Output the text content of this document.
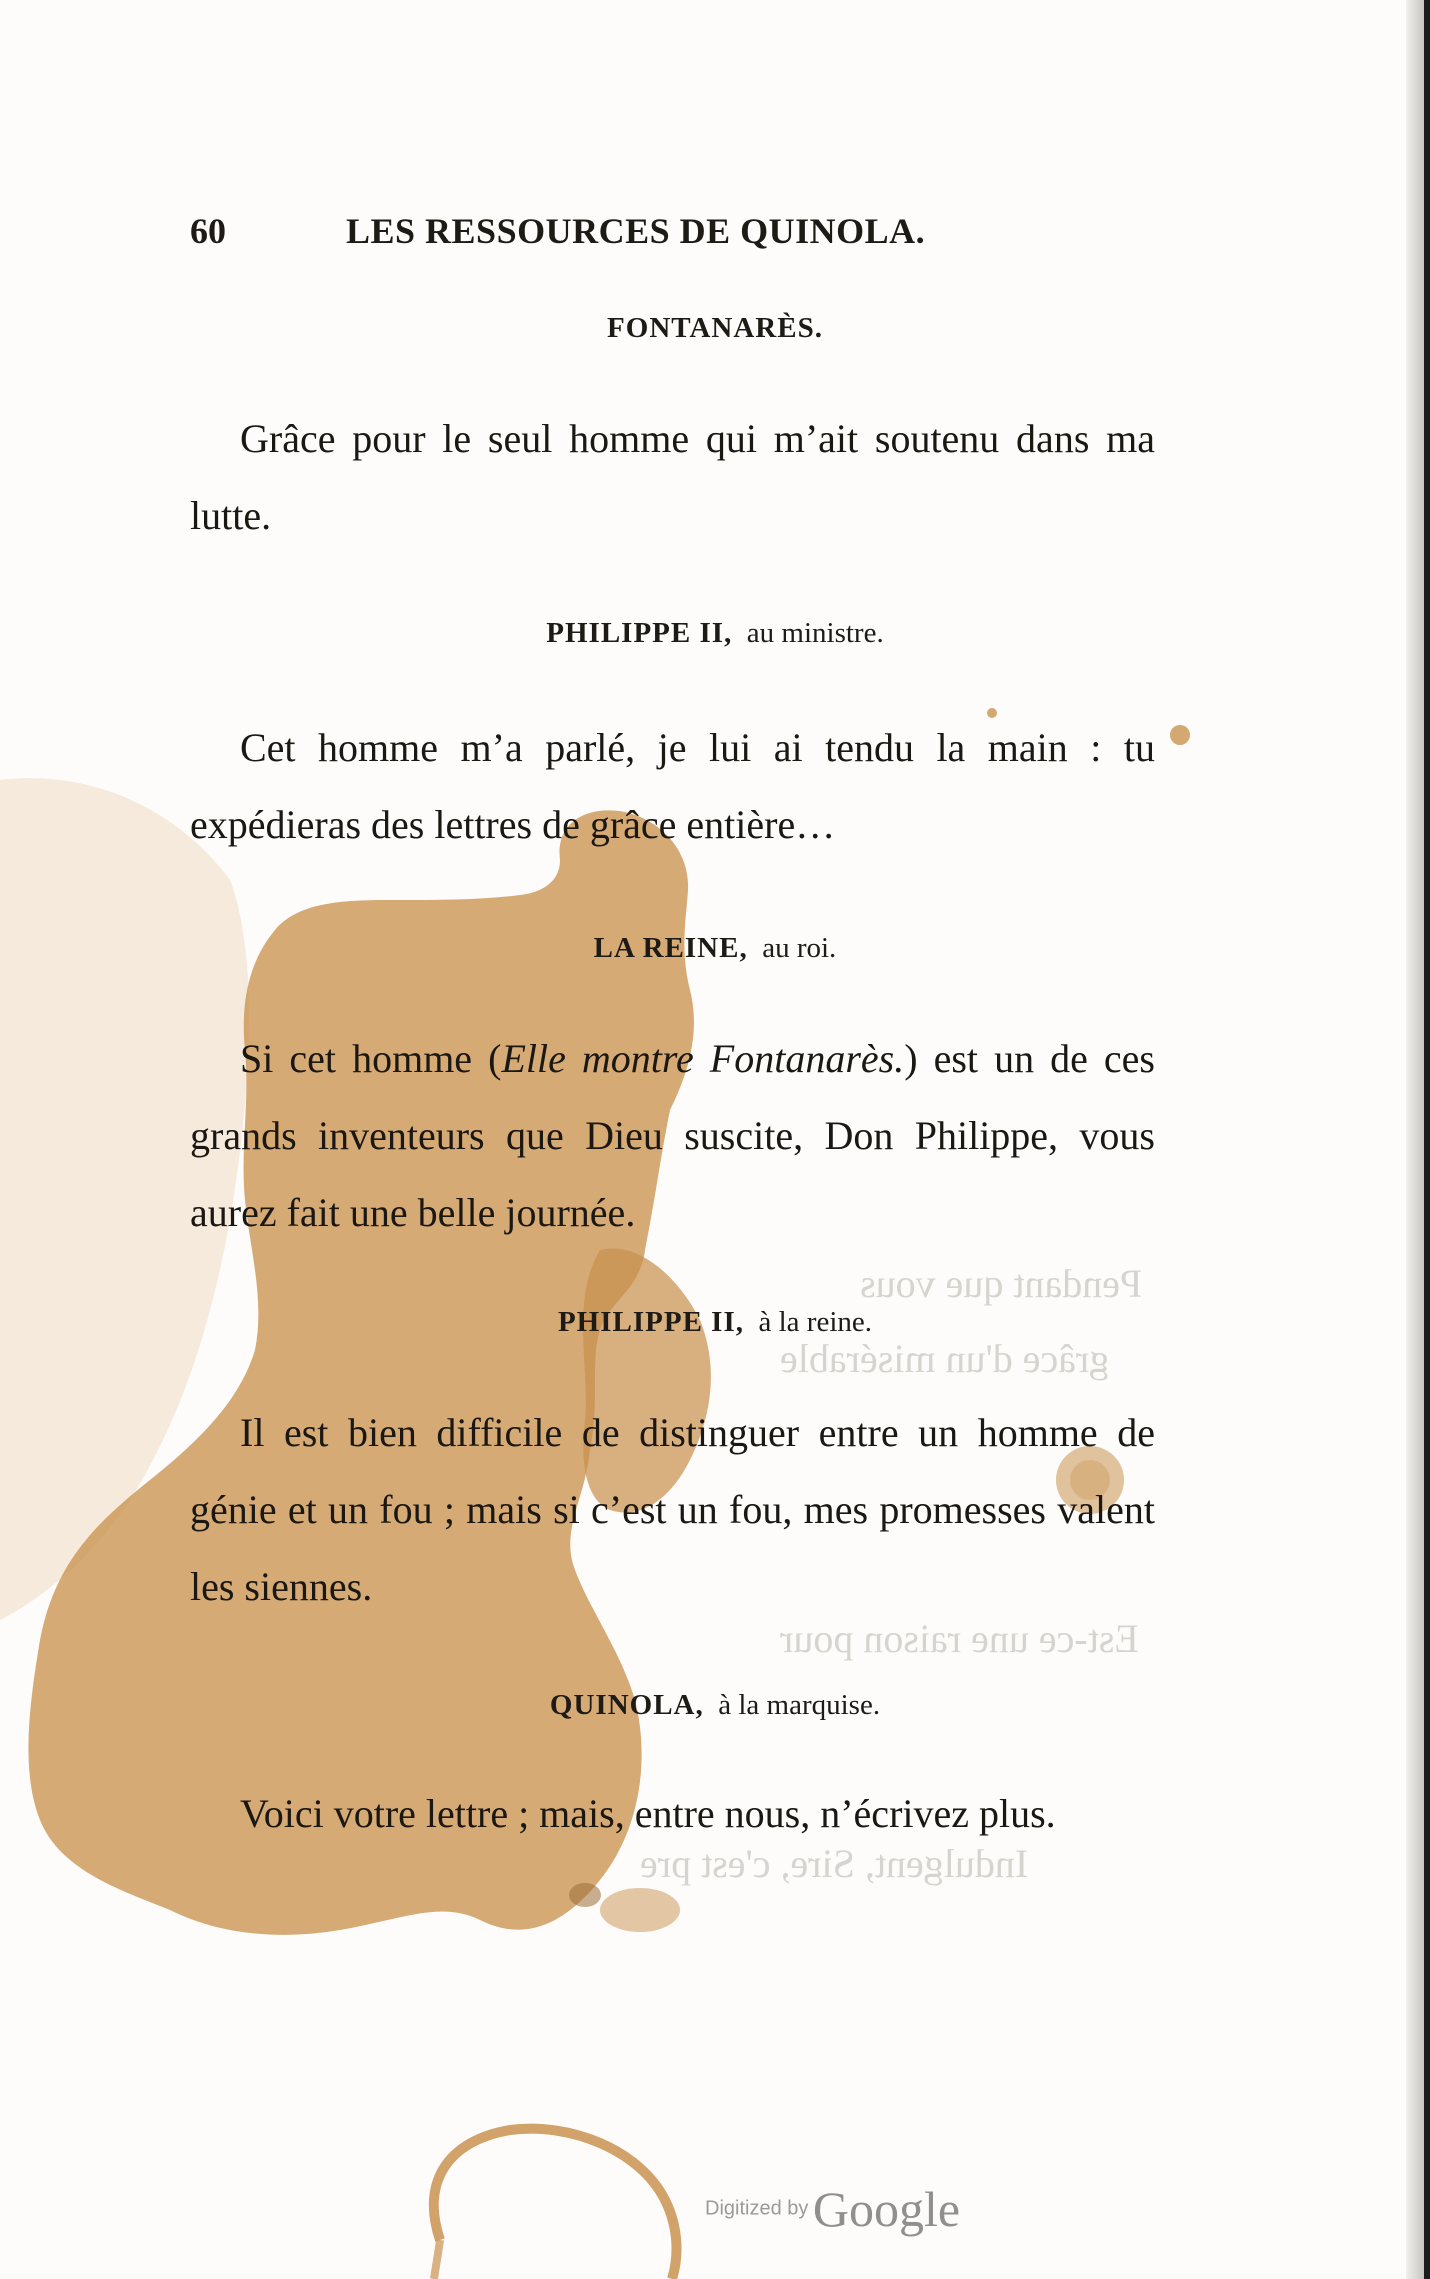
Pendant que vous
grâce d'un misérable
Est-ce une raison pour
Indulgent, Sire, c'est pre
60	LES RESSOURCES DE QUINOLA.
FONTANARÈS.
Grâce pour le seul homme qui m’ait soutenu dans ma lutte.
PHILIPPE II, au ministre.
Cet homme m’a parlé, je lui ai tendu la main : tu expédieras des lettres de grâce entière…
LA REINE, au roi.
Si cet homme (Elle montre Fontanarès.) est un de ces grands inventeurs que Dieu suscite, Don Philippe, vous aurez fait une belle journée.
PHILIPPE II, à la reine.
Il est bien difficile de distinguer entre un homme de génie et un fou ; mais si c’est un fou, mes promesses valent les siennes.
QUINOLA, à la marquise.
Voici votre lettre ; mais, entre nous, n’écrivez plus.
Digitized by Google
